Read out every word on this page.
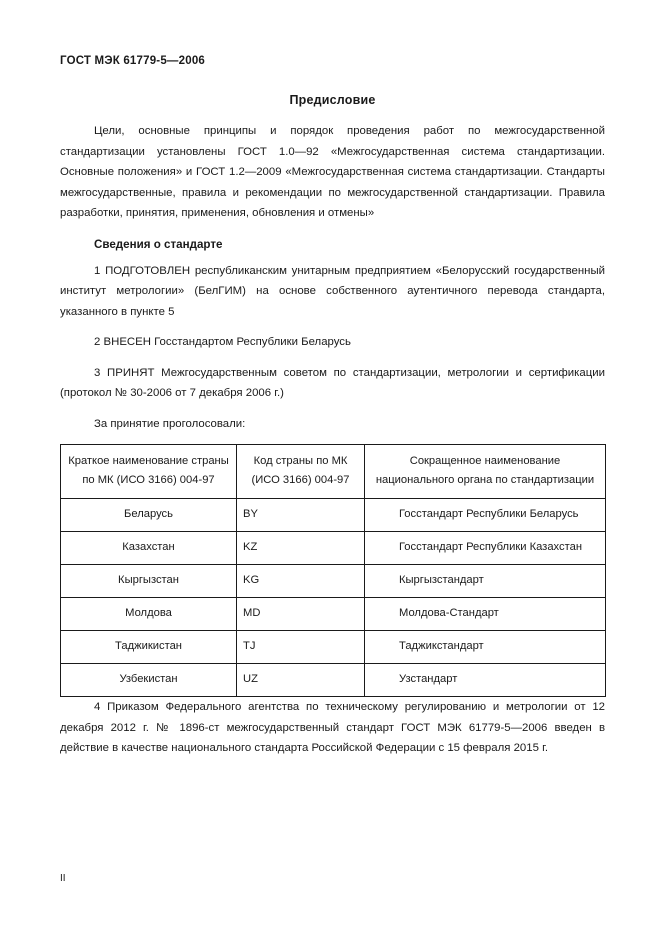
ГОСТ МЭК 61779-5—2006
Предисловие

Цели, основные принципы и порядок проведения работ по межгосударственной стандартизации установлены ГОСТ 1.0—92 «Межгосударственная система стандартизации. Основные положения» и ГОСТ 1.2—2009 «Межгосударственная система стандартизации. Стандарты межгосударственные, правила и рекомендации по межгосударственной стандартизации. Правила разработки, принятия, применения, обновления и отмены»

Сведения о стандарте

1 ПОДГОТОВЛЕН республиканским унитарным предприятием «Белорусский государственный институт метрологии» (БелГИМ) на основе собственного аутентичного перевода стандарта, указанного в пункте 5

2 ВНЕСЕН Госстандартом Республики Беларусь

3 ПРИНЯТ Межгосударственным советом по стандартизации, метрологии и сертификации (протокол № 30-2006 от 7 декабря 2006 г.)

За принятие проголосовали:

Краткое наименование страны по МК (ИСО 3166) 004-97	Код страны по МК (ИСО 3166) 004-97	Сокращенное наименование национального органа по стандартизации
Беларусь	BY	Госстандарт Республики Беларусь
Казахстан	KZ	Госстандарт Республики Казахстан
Кыргызстан	KG	Кыргызстандарт
Молдова	MD	Молдова-Стандарт
Таджикистан	TJ	Таджикстандарт
Узбекистан	UZ	Узстандарт

4 Приказом Федерального агентства по техническому регулированию и метрологии от 12 декабря 2012 г. № 1896-ст межгосударственный стандарт ГОСТ МЭК 61779-5—2006 введен в действие в качестве национального стандарта Российской Федерации с 15 февраля 2015 г.

II
